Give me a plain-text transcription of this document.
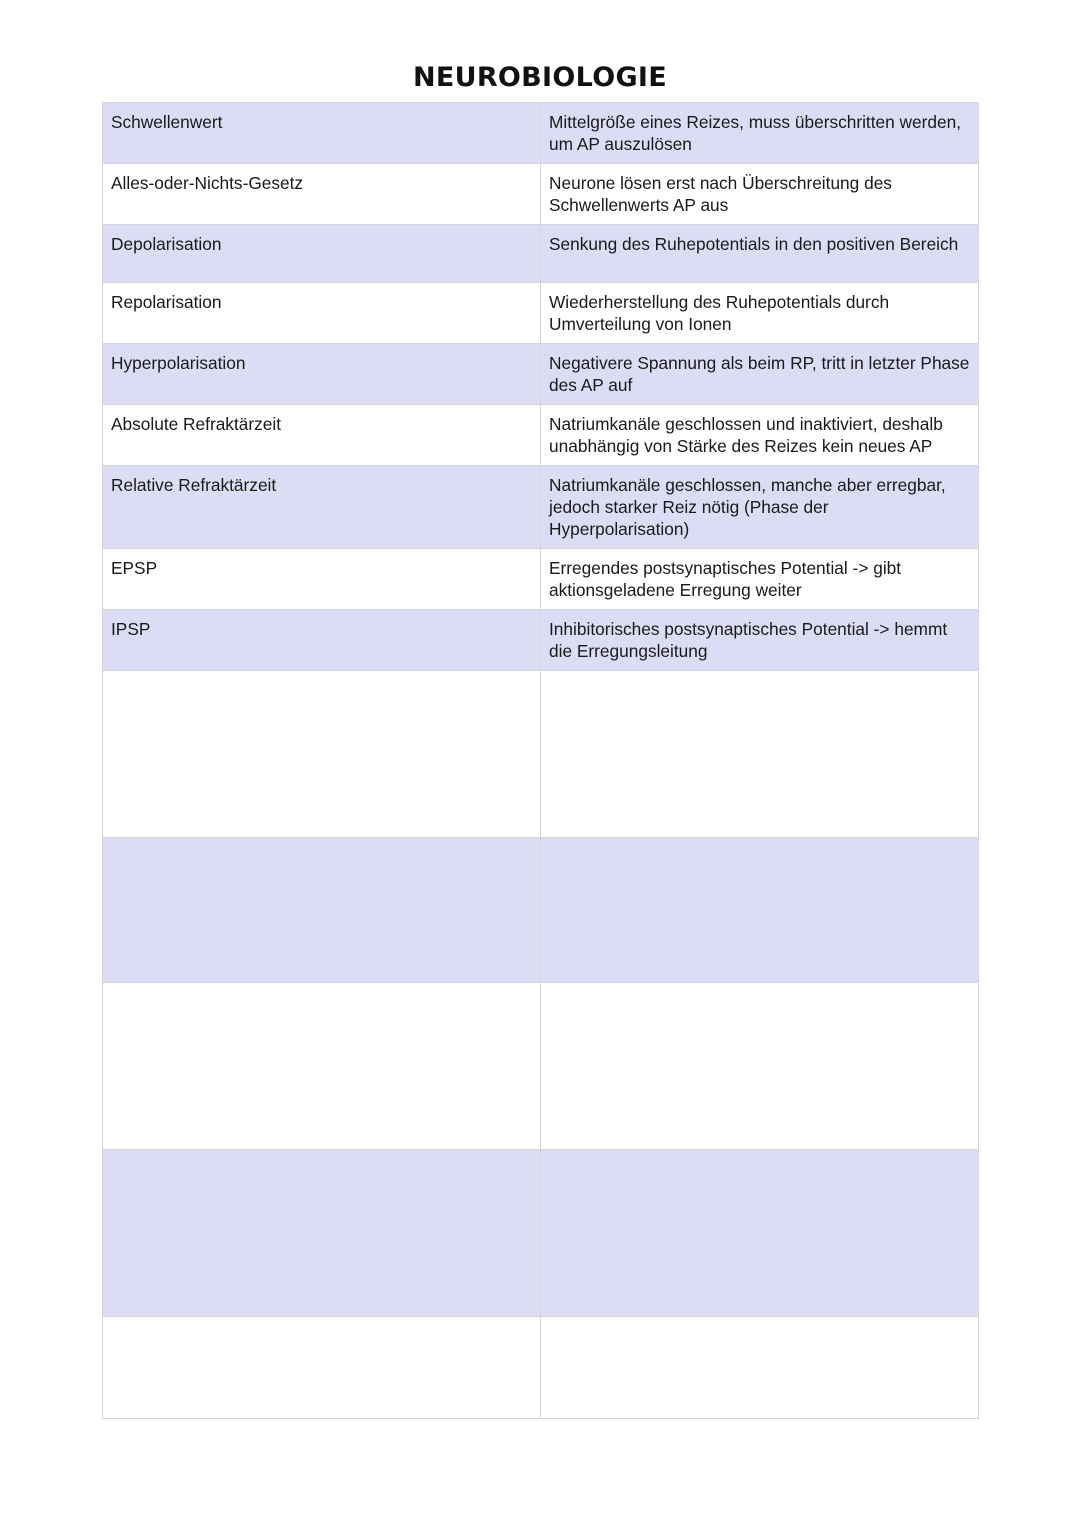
NEUROBIOLOGIE
Schwellenwert	Mittelgröße eines Reizes, muss überschritten werden, um AP auszulösen
Alles-oder-Nichts-Gesetz	Neurone lösen erst nach Überschreitung des Schwellenwerts AP aus
Depolarisation	Senkung des Ruhepotentials in den positiven Bereich
Repolarisation	Wiederherstellung des Ruhepotentials durch Umverteilung von Ionen
Hyperpolarisation	Negativere Spannung als beim RP, tritt in letzter Phase des AP auf
Absolute Refraktärzeit	Natriumkanäle geschlossen und inaktiviert, deshalb unabhängig von Stärke des Reizes kein neues AP
Relative Refraktärzeit	Natriumkanäle geschlossen, manche aber erregbar, jedoch starker Reiz nötig (Phase der Hyperpolarisation)
EPSP	Erregendes postsynaptisches Potential -> gibt aktionsgeladene Erregung weiter
IPSP	Inhibitorisches postsynaptisches Potential -> hemmt die Erregungsleitung
